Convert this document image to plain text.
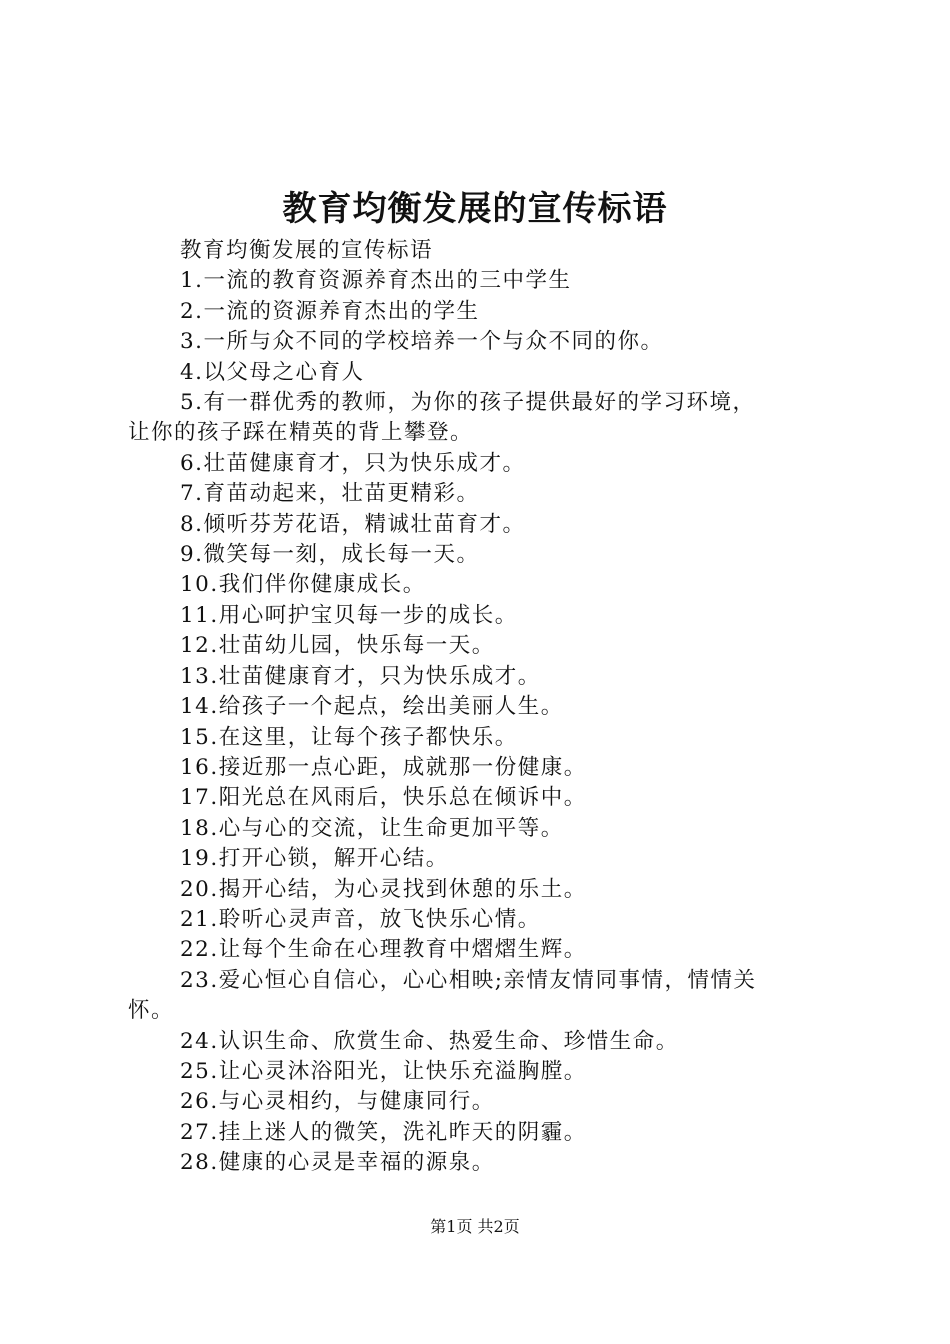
教育均衡发展的宣传标语
教育均衡发展的宣传标语
1.一流的教育资源养育杰出的三中学生
2.一流的资源养育杰出的学生
3.一所与众不同的学校培养一个与众不同的你。
4.以父母之心育人
5.有一群优秀的教师，为你的孩子提供最好的学习环境，
让你的孩子踩在精英的背上攀登。
6.壮苗健康育才，只为快乐成才。
7.育苗动起来，壮苗更精彩。
8.倾听芬芳花语，精诚壮苗育才。
9.微笑每一刻，成长每一天。
10.我们伴你健康成长。
11.用心呵护宝贝每一步的成长。
12.壮苗幼儿园，快乐每一天。
13.壮苗健康育才，只为快乐成才。
14.给孩子一个起点，绘出美丽人生。
15.在这里，让每个孩子都快乐。
16.接近那一点心距，成就那一份健康。
17.阳光总在风雨后，快乐总在倾诉中。
18.心与心的交流，让生命更加平等。
19.打开心锁，解开心结。
20.揭开心结，为心灵找到休憩的乐土。
21.聆听心灵声音，放飞快乐心情。
22.让每个生命在心理教育中熠熠生辉。
23.爱心恒心自信心，心心相映;亲情友情同事情，情情关
怀。
24.认识生命、欣赏生命、热爱生命、珍惜生命。
25.让心灵沐浴阳光，让快乐充溢胸膛。
26.与心灵相约，与健康同行。
27.挂上迷人的微笑，洗礼昨天的阴霾。
28.健康的心灵是幸福的源泉。

第1页 共2页
